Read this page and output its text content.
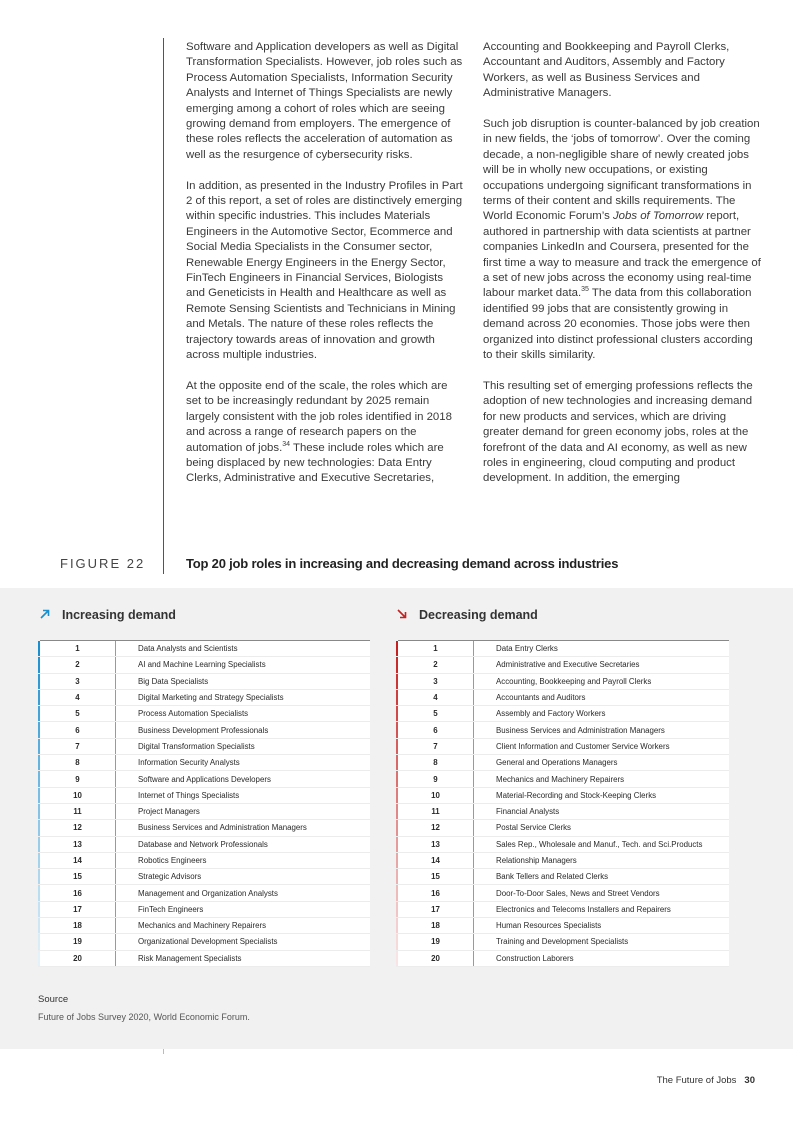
Software and Application developers as well as Digital Transformation Specialists. However, job roles such as Process Automation Specialists, Information Security Analysts and Internet of Things Specialists are newly emerging among a cohort of roles which are seeing growing demand from employers. The emergence of these roles reflects the acceleration of automation as well as the resurgence of cybersecurity risks.

In addition, as presented in the Industry Profiles in Part 2 of this report, a set of roles are distinctively emerging within specific industries. This includes Materials Engineers in the Automotive Sector, Ecommerce and Social Media Specialists in the Consumer sector, Renewable Energy Engineers in the Energy Sector, FinTech Engineers in Financial Services, Biologists and Geneticists in Health and Healthcare as well as Remote Sensing Scientists and Technicians in Mining and Metals. The nature of these roles reflects the trajectory towards areas of innovation and growth across multiple industries.

At the opposite end of the scale, the roles which are set to be increasingly redundant by 2025 remain largely consistent with the job roles identified in 2018 and across a range of research papers on the automation of jobs.$^{34}$ These include roles which are being displaced by new technologies: Data Entry Clerks, Administrative and Executive Secretaries,

Accounting and Bookkeeping and Payroll Clerks, Accountant and Auditors, Assembly and Factory Workers, as well as Business Services and Administrative Managers.

Such job disruption is counter-balanced by job creation in new fields, the ‘jobs of tomorrow’. Over the coming decade, a non-negligible share of newly created jobs will be in wholly new occupations, or existing occupations undergoing significant transformations in terms of their content and skills requirements. The World Economic Forum’s Jobs of Tomorrow report, authored in partnership with data scientists at partner companies LinkedIn and Coursera, presented for the first time a way to measure and track the emergence of a set of new jobs across the economy using real-time labour market data.$^{35}$ The data from this collaboration identified 99 jobs that are consistently growing in demand across 20 economies. Those jobs were then organized into distinct professional clusters according to their skills similarity.

This resulting set of emerging professions reflects the adoption of new technologies and increasing demand for new products and services, which are driving greater demand for green economy jobs, roles at the forefront of the data and AI economy, as well as new roles in engineering, cloud computing and product development. In addition, the emerging

FIGURE 22	Top 20 job roles in increasing and decreasing demand across industries
Increasing demand	Decreasing demand
1	Data Analysts and Scientists
2	AI and Machine Learning Specialists
3	Big Data Specialists
4	Digital Marketing and Strategy Specialists
5	Process Automation Specialists
6	Business Development Professionals
7	Digital Transformation Specialists
8	Information Security Analysts
9	Software and Applications Developers
10	Internet of Things Specialists
11	Project Managers
12	Business Services and Administration Managers
13	Database and Network Professionals
14	Robotics Engineers
15	Strategic Advisors
16	Management and Organization Analysts
17	FinTech Engineers
18	Mechanics and Machinery Repairers
19	Organizational Development Specialists
20	Risk Management Specialists
1	Data Entry Clerks
2	Administrative and Executive Secretaries
3	Accounting, Bookkeeping and Payroll Clerks
4	Accountants and Auditors
5	Assembly and Factory Workers
6	Business Services and Administration Managers
7	Client Information and Customer Service Workers
8	General and Operations Managers
9	Mechanics and Machinery Repairers
10	Material-Recording and Stock-Keeping Clerks
11	Financial Analysts
12	Postal Service Clerks
13	Sales Rep., Wholesale and Manuf., Tech. and Sci.Products
14	Relationship Managers
15	Bank Tellers and Related Clerks
16	Door-To-Door Sales, News and Street Vendors
17	Electronics and Telecoms Installers and Repairers
18	Human Resources Specialists
19	Training and Development Specialists
20	Construction Laborers
Source
Future of Jobs Survey 2020, World Economic Forum.
The Future of Jobs 30
